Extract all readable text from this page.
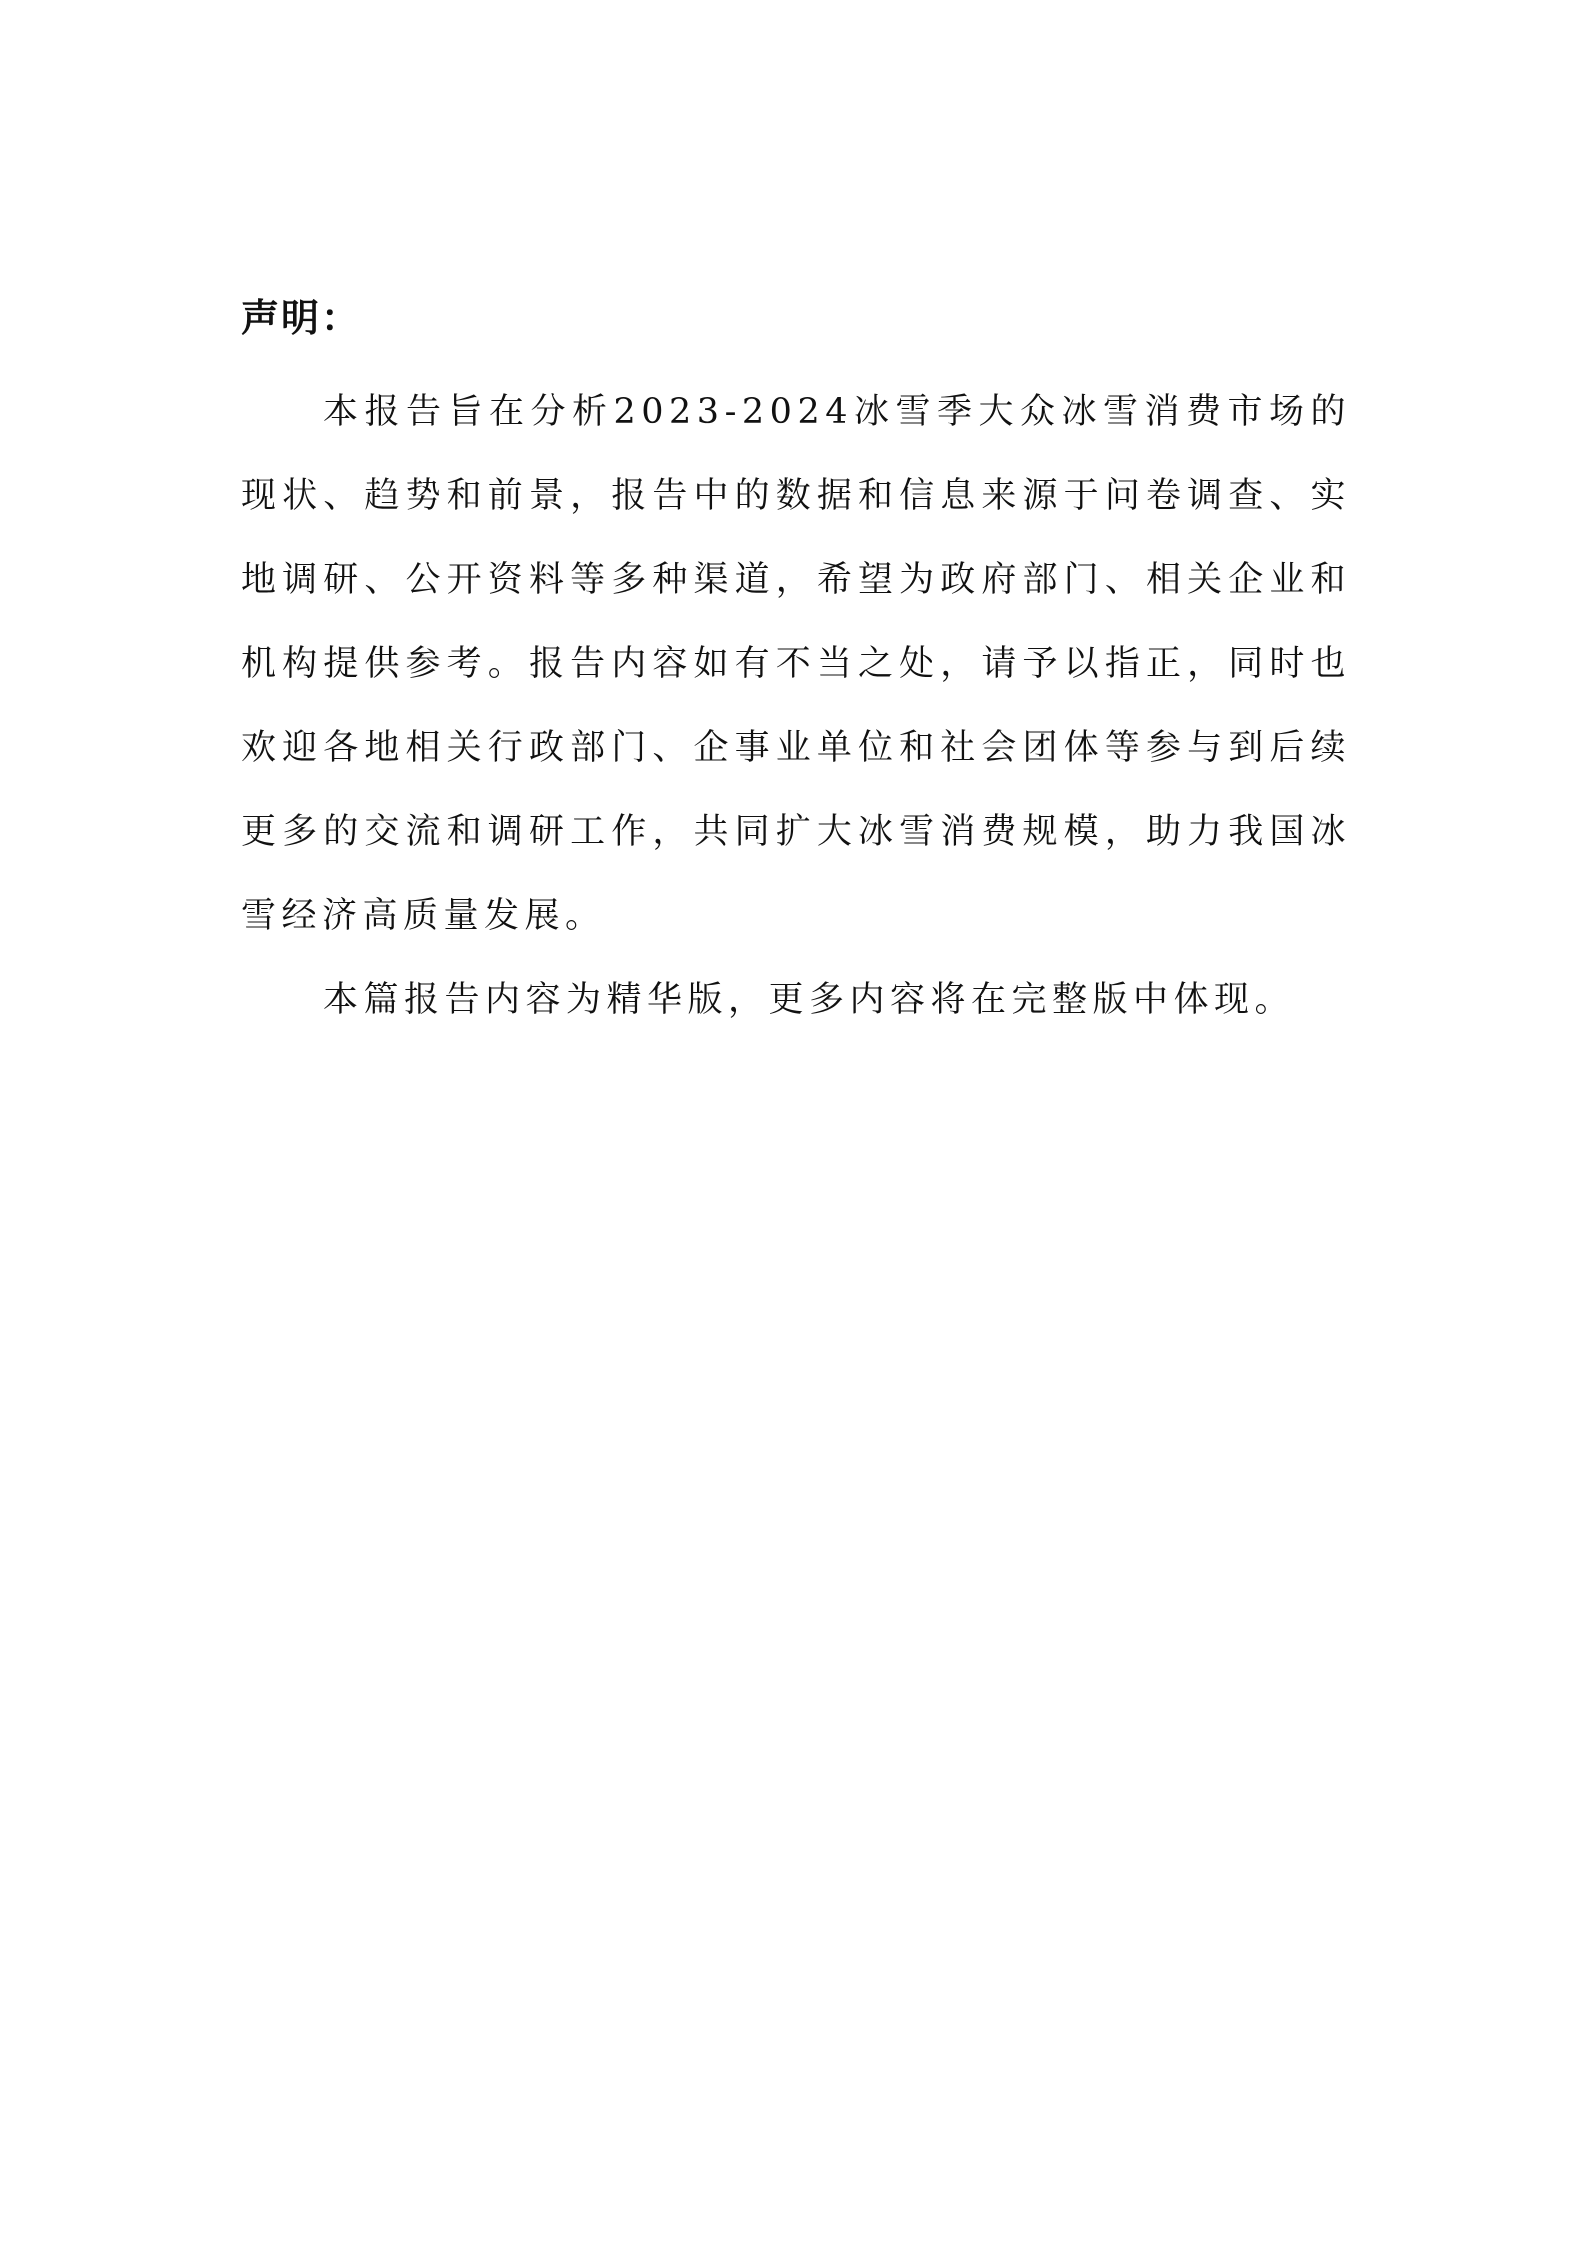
声明：

本报告旨在分析2023-2024冰雪季大众冰雪消费市场的现状、趋势和前景，报告中的数据和信息来源于问卷调查、实地调研、公开资料等多种渠道，希望为政府部门、相关企业和机构提供参考。报告内容如有不当之处，请予以指正，同时也欢迎各地相关行政部门、企事业单位和社会团体等参与到后续更多的交流和调研工作，共同扩大冰雪消费规模，助力我国冰雪经济高质量发展。

本篇报告内容为精华版，更多内容将在完整版中体现。
